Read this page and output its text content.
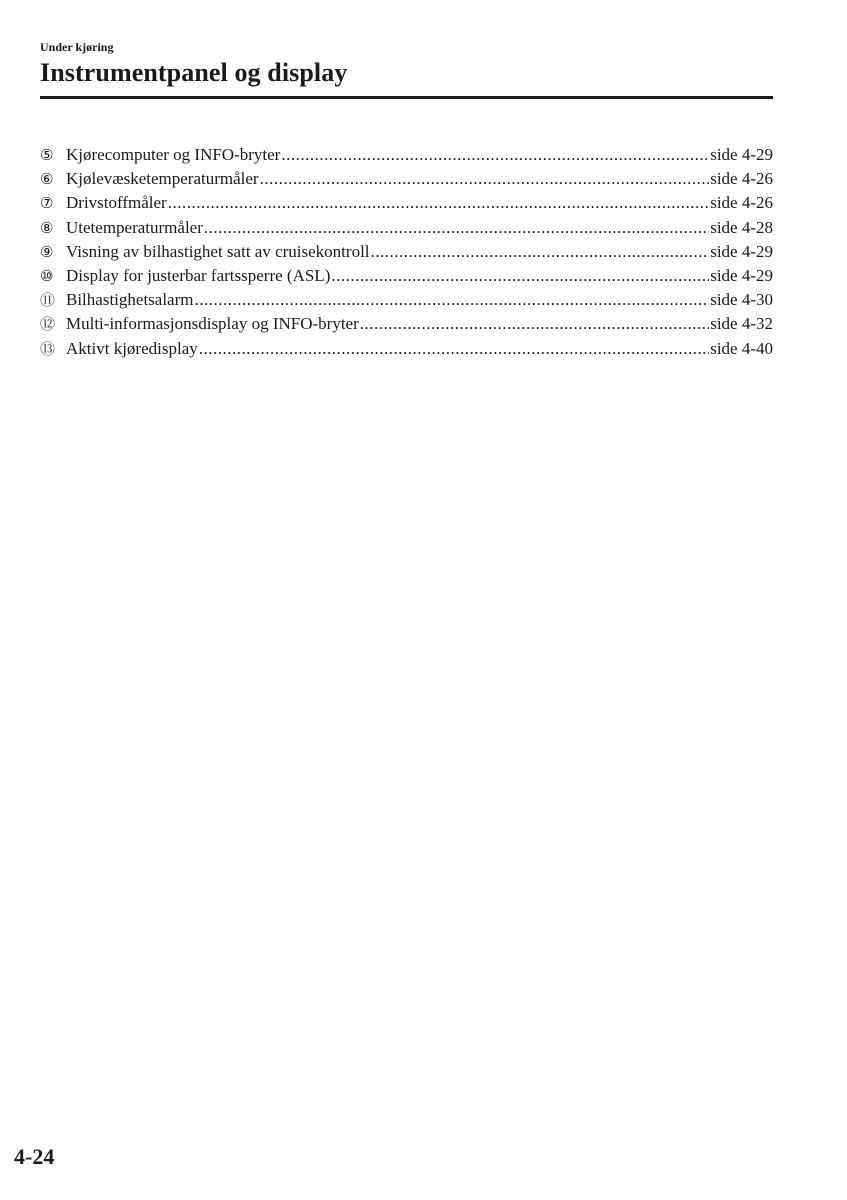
Under kjøring
Instrumentpanel og display
⑤ Kjørecomputer og INFO-bryter .....	side 4-29
⑥ Kjølevæsketemperaturmåler .....	side 4-26
⑦ Drivstoffmåler .....	side 4-26
⑧ Utetemperaturmåler .....	side 4-28
⑨ Visning av bilhastighet satt av cruisekontroll .....	side 4-29
⑩ Display for justerbar fartssperre (ASL) .....	side 4-29
⑪ Bilhastighetsalarm .....	side 4-30
⑫ Multi-informasjonsdisplay og INFO-bryter .....	side 4-32
⑬ Aktivt kjøredisplay .....	side 4-40
4-24
